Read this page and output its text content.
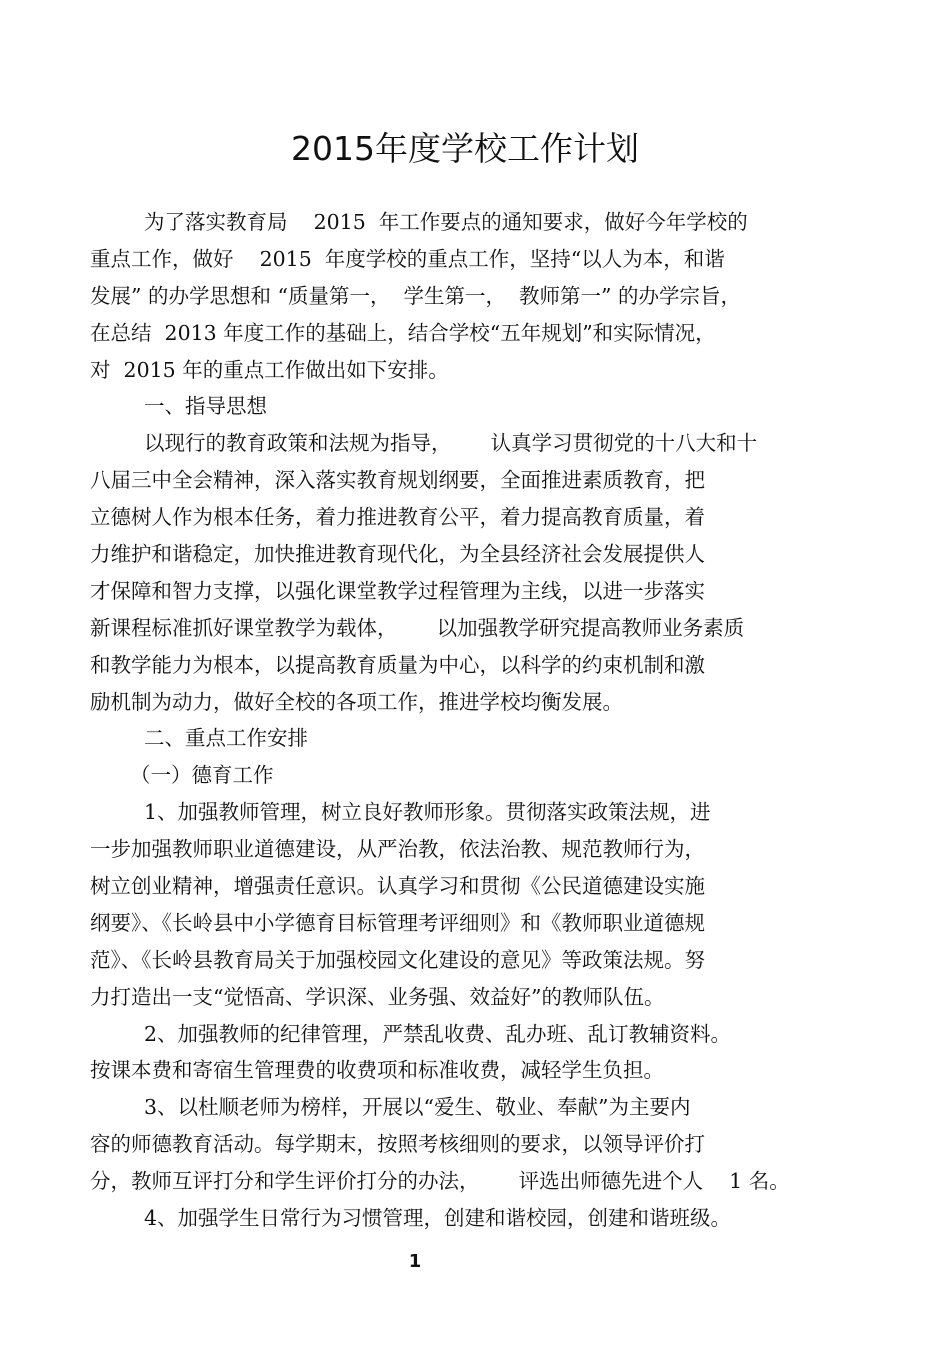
2015年度学校工作计划
为了落实教育局    2015  年工作要点的通知要求，做好今年学校的
重点工作，做好    2015  年度学校的重点工作，坚持“以人为本，和谐
发展” 的办学思想和 “质量第一，  学生第一，  教师第一” 的办学宗旨，
在总结  2013 年度工作的基础上，结合学校“五年规划”和实际情况，
对  2015 年的重点工作做出如下安排。
一、指导思想
以现行的教育政策和法规为指导，      认真学习贯彻党的十八大和十
八届三中全会精神，深入落实教育规划纲要，全面推进素质教育，把
立德树人作为根本任务，着力推进教育公平，着力提高教育质量，着
力维护和谐稳定，加快推进教育现代化，为全县经济社会发展提供人
才保障和智力支撑，以强化课堂教学过程管理为主线，以进一步落实
新课程标准抓好课堂教学为载体，      以加强教学研究提高教师业务素质
和教学能力为根本，以提高教育质量为中心，以科学的约束机制和激
励机制为动力，做好全校的各项工作，推进学校均衡发展。
二、重点工作安排
（一）德育工作
1、加强教师管理，树立良好教师形象。贯彻落实政策法规，进
一步加强教师职业道德建设，从严治教，依法治教、规范教师行为，
树立创业精神，增强责任意识。认真学习和贯彻《公民道德建设实施
纲要》、《长岭县中小学德育目标管理考评细则》和《教师职业道德规
范》、《长岭县教育局关于加强校园文化建设的意见》等政策法规。努
力打造出一支“觉悟高、学识深、业务强、效益好”的教师队伍。
2、加强教师的纪律管理，严禁乱收费、乱办班、乱订教辅资料。
按课本费和寄宿生管理费的收费项和标准收费，减轻学生负担。
3、以杜顺老师为榜样，开展以“爱生、敬业、奉献”为主要内
容的师德教育活动。每学期末，按照考核细则的要求，以领导评价打
分，教师互评打分和学生评价打分的办法，      评选出师德先进个人    1 名。
4、加强学生日常行为习惯管理，创建和谐校园，创建和谐班级。
1
